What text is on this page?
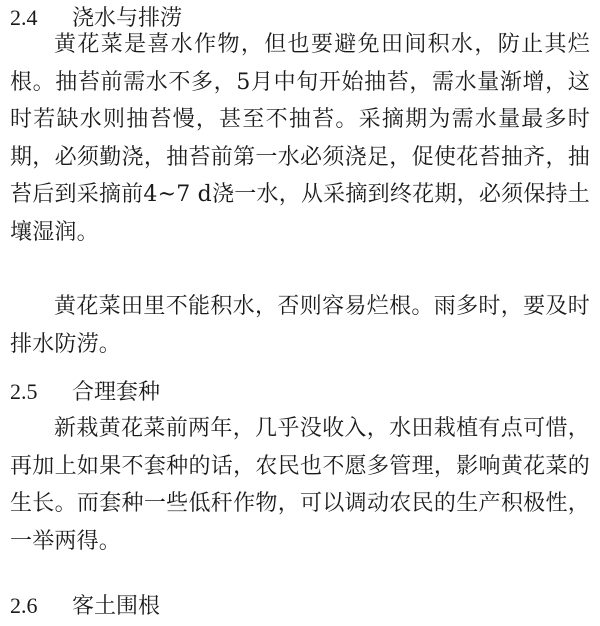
2.4 浇水与排涝

黄花菜是喜水作物，但也要避免田间积水，防止其烂根。抽苔前需水不多，5月中旬开始抽苔，需水量渐增，这时若缺水则抽苔慢，甚至不抽苔。采摘期为需水量最多时期，必须勤浇，抽苔前第一水必须浇足，促使花苔抽齐，抽苔后到采摘前4~7 d浇一水，从采摘到终花期，必须保持土壤湿润。

黄花菜田里不能积水，否则容易烂根。雨多时，要及时排水防涝。

2.5 合理套种

新栽黄花菜前两年，几乎没收入，水田栽植有点可惜，再加上如果不套种的话，农民也不愿多管理，影响黄花菜的生长。而套种一些低秆作物，可以调动农民的生产积极性，一举两得。

2.6 客土围根
